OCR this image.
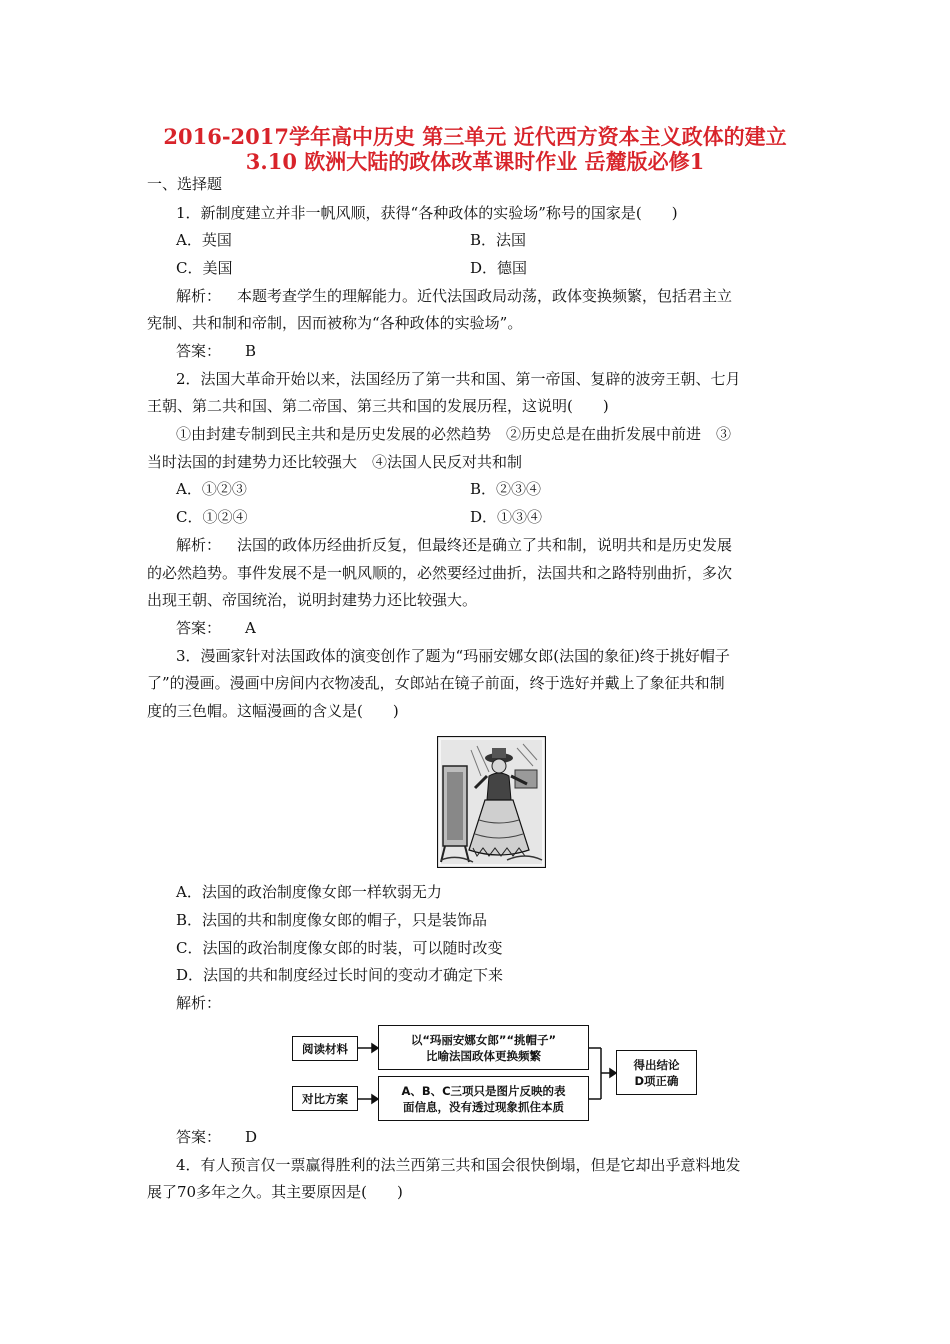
2016-2017学年高中历史 第三单元 近代西方资本主义政体的建立
3.10 欧洲大陆的政体改革课时作业 岳麓版必修1
一、选择题
1．新制度建立并非一帆风顺，获得“各种政体的实验场”称号的国家是(　　)
A．英国	B．法国
C．美国	D．德国
解析： 本题考查学生的理解能力。近代法国政局动荡，政体变换频繁，包括君主立
宪制、共和制和帝制，因而被称为“各种政体的实验场”。
答案： B
2．法国大革命开始以来，法国经历了第一共和国、第一帝国、复辟的波旁王朝、七月
王朝、第二共和国、第二帝国、第三共和国的发展历程，这说明(　　)
①由封建专制到民主共和是历史发展的必然趋势　②历史总是在曲折发展中前进　③
当时法国的封建势力还比较强大　④法国人民反对共和制
A．①②③	B．②③④
C．①②④	D．①③④
解析： 法国的政体历经曲折反复，但最终还是确立了共和制，说明共和是历史发展
的必然趋势。事件发展不是一帆风顺的，必然要经过曲折，法国共和之路特别曲折，多次
出现王朝、帝国统治，说明封建势力还比较强大。
答案： A
3．漫画家针对法国政体的演变创作了题为“玛丽安娜女郎(法国的象征)终于挑好帽子
了”的漫画。漫画中房间内衣物凌乱，女郎站在镜子前面，终于选好并戴上了象征共和制
度的三色帽。这幅漫画的含义是(　　)
A．法国的政治制度像女郎一样软弱无力
B．法国的共和制度像女郎的帽子，只是装饰品
C．法国的政治制度像女郎的时装，可以随时改变
D．法国的共和制度经过长时间的变动才确定下来
解析：
阅读材料
以“玛丽安娜女郎”“挑帽子”
比喻法国政体更换频繁
对比方案
A、B、C三项只是图片反映的表
面信息，没有透过现象抓住本质
得出结论
D项正确
答案： D
4．有人预言仅一票赢得胜利的法兰西第三共和国会很快倒塌，但是它却出乎意料地发
展了70多年之久。其主要原因是(　　)
